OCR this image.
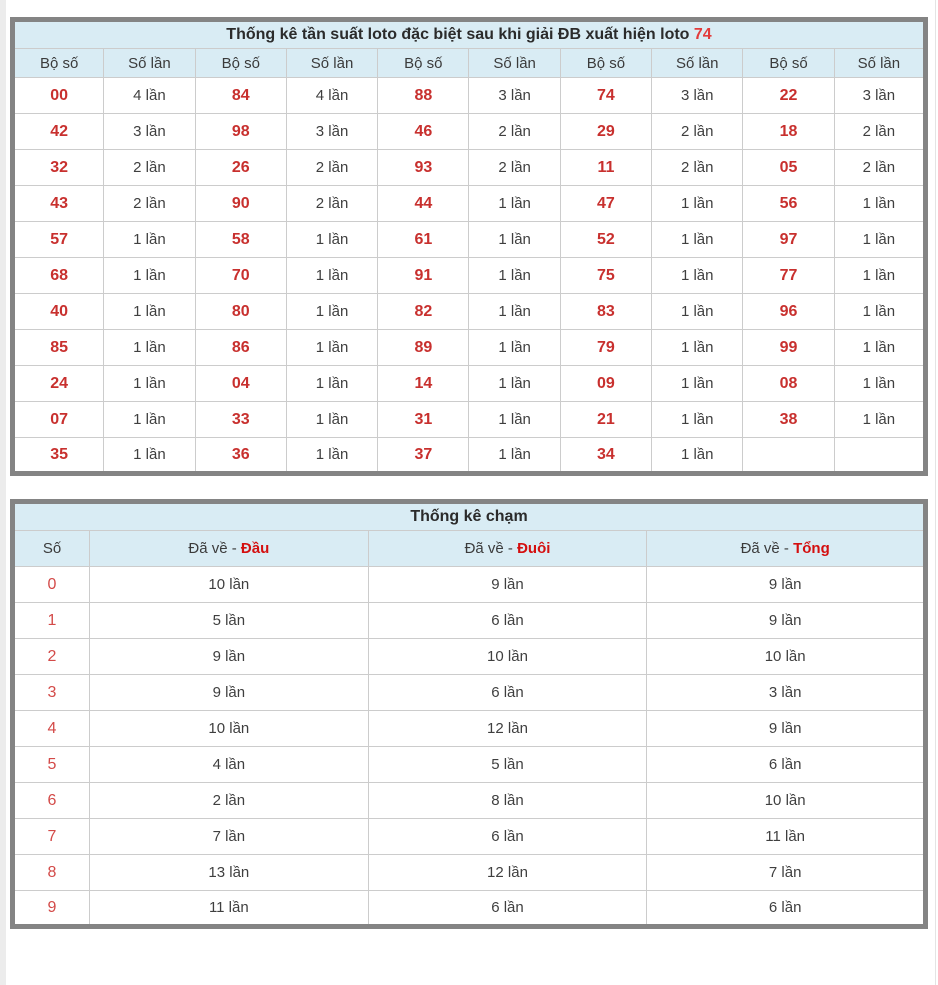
Thống kê tần suất loto đặc biệt sau khi giải ĐB xuất hiện loto 74									
Bộ số	Số lần	Bộ số	Số lần	Bộ số	Số lần	Bộ số	Số lần	Bộ số	Số lần
00	4 lần	84	4 lần	88	3 lần	74	3 lần	22	3 lần
42	3 lần	98	3 lần	46	2 lần	29	2 lần	18	2 lần
32	2 lần	26	2 lần	93	2 lần	11	2 lần	05	2 lần
43	2 lần	90	2 lần	44	1 lần	47	1 lần	56	1 lần
57	1 lần	58	1 lần	61	1 lần	52	1 lần	97	1 lần
68	1 lần	70	1 lần	91	1 lần	75	1 lần	77	1 lần
40	1 lần	80	1 lần	82	1 lần	83	1 lần	96	1 lần
85	1 lần	86	1 lần	89	1 lần	79	1 lần	99	1 lần
24	1 lần	04	1 lần	14	1 lần	09	1 lần	08	1 lần
07	1 lần	33	1 lần	31	1 lần	21	1 lần	38	1 lần
35	1 lần	36	1 lần	37	1 lần	34	1 lần		
Thống kê chạm			
Số	Đã về - Đầu	Đã về - Đuôi	Đã về - Tổng
0	10 lần	9 lần	9 lần
1	5 lần	6 lần	9 lần
2	9 lần	10 lần	10 lần
3	9 lần	6 lần	3 lần
4	10 lần	12 lần	9 lần
5	4 lần	5 lần	6 lần
6	2 lần	8 lần	10 lần
7	7 lần	6 lần	11 lần
8	13 lần	12 lần	7 lần
9	11 lần	6 lần	6 lần
